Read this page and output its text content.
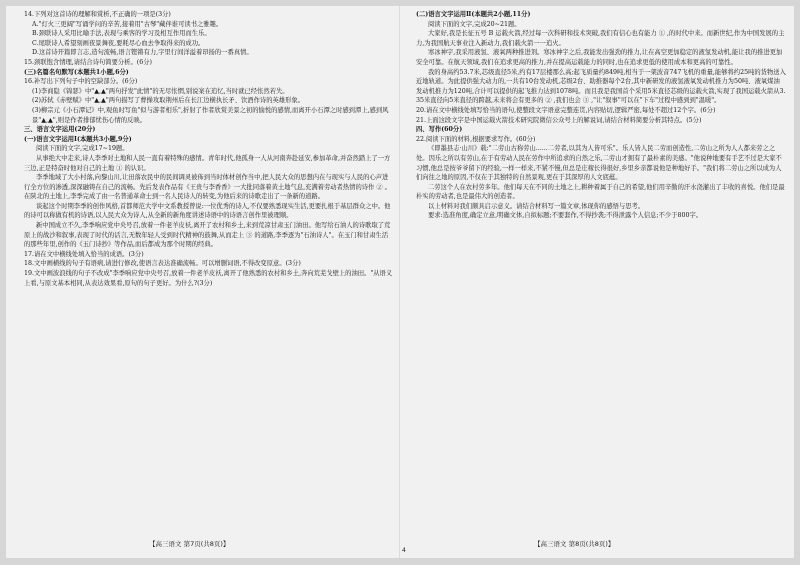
14.下列对这首诗的理解和赏析,不正确的一项是(3分)

A."灯火三更阔"写诵学问的辛苦,接着用"古琴"藏伴谁可读书之雅趣。

B.颈联诗人采用比喻手法,表现与乘客的学习及相互作用而生乐。

C.尾联诗人希望刻画夜景舞夜,要耗尽心血去争取得来的成功。

D.这首诗开篇即言志,造句流畅,语言铿锵有力,字里行间洋溢着昂扬的一番真情。

15.颈联饱含情理,请结合诗句简要分析。(6分)

(三)名篇名句默写(本题共1小题,6分)

16.补写出下列句子中的空缺部分。(6分)

(1)李商隐《锦瑟》中"▲,▲"两句抒发"此情"的无尽怅惘,别说案在追忆,当时就已经怅然若失。

(2)苏轼《赤壁赋》中"▲,▲"两句描写了曹操攻取荆州后在长江边横执长矛、饮酒作诗的英雄形象。

(3)柳宗元《小石潭记》中,观鱼时写鱼"似与游者相乐",折射了作者欣赏美景之初的愉悦的感情,而离开小石潭之时感到潭上,感到风景"▲,▲",则是作者排郁忧伤心情的反映。

三、语言文字运用(20分)

(一)语言文字运用Ⅰ(本题共3小题,9分)

阅读下面的文字,完成17~19题。

从事绝大中走来,诗人李季对土地和人民一直有着特殊的感情。青年时代,他孤身一人从河南奔赴延安,参加革命,并奋然踏上了一方三边,正是特奋时他对自己的土地 ① 的认识。

李季地域了大小村落,向黎山川,让田落农民中的民间调灵被佈到当时体材创作当中,把人民大众的思想内在与现实与人民的心声进行全方位的渗透,深深融铸在自己的流畅。先后发表作品有《王贵与李香香》一大批同落着黄土地气息,充满着劳动者热情的诗作 ② 。在陕北的土地上,李季完成了由一名普通革命士到一名人民诗人的转变,为他后来的诗歌走出了一条新的道路。

谈起这个时期李季的创作风格,首都师范大学中文系教授曾说:一位优秀的诗人,不仅要熟悉现实生活,更要扎根于基层群众之中。他的诗可以称做有机的诗语,以人民大众为诗人,从全新的新角度讲述诗语中的诗语言创作里被理顺。

新中国成立不久,李季响应党中央号召,放着一件老羊皮袄,离开了农村和乡土,来到荒凉甘肃玉门油田。他写给石油人的诗歌取了荒原上的战沙和叙事,表现了时代的话言,无数年轻人受到时代精神的鼓舞,从而走上 ③ 的道路,李季逐为"石油诗人"。在玉门和甘肃生活的那些年里,创作的《玉门诗抄》等作品,而后都成为那个时期的经典。

17.请在文中横线处填入恰当的成语。(3分)

18.文中画横线的句子有语病,请进行修改,使语言表达准确流畅。可以增删词语,不得改变原意。(3分)

19.文中画波浪线的句子不改成"李季响应党中央号召,放着一件老羊皮袄,离开了他熟悉的农村和乡土,奔向荒芜戈壁上的油田。"从语义上看,与原文基本相同,从表达效果看,原句的句子更好。为什么?(3分)

【高三语文 第7页(共8页)】

(二)语言文字运用Ⅱ(本题共2小题,11分)

阅读下面的文字,完成20~21题。

大家好,我是长征五号 B 运载火箭,经过每一次科研和技术突破,我们有信心也有能力 ① ,的时代中来。而新世纪,作为中国发展的主力,为我国航天事业注入新动力,我们载火箭一一追火。

寒冰神宇,我采用液氢、液氧两种推进剂。寒冰神宇之后,我能发出强劲的推力,让在高空更加稳定的液氢发动机,能让我的推进更加安全可靠。在航天领域,我们在追求更高的推力,并在提高运载能力的同时,也在追求更低的使用成本和更高的可靠性。

我的身高约53.7米,芯级直径5米,约有17层楼那么高;起飞质量约849吨,相当于一架波音747飞机的重量,能够将约25吨的货物送入近地轨道。为此提供强大动力的,一共有10台发动机,芯级2台、助推器每个2台,其中新研发的液氢液氧发动机推力为50吨、液氧煤油发动机推力为120吨,合计可以提供的起飞推力达到1078吨。而且我是我国首个采用5米直径芯级的运载火箭,实现了我国运载火箭从3.35米直径向5米直径的跨越,未来将会有更多的 ② ,我们也会 ③ ,"让"叙事"可以在"下车"过程中感到到"温暖"。

20.请在文中横线处填写恰当的语句,使整段文字语意完整连贯,内容贴切,逻辑严密,每处不超过12个字。(6分)

21.上面这段文字是中国运载火箭技术研究院微信公众号上的解说词,请结合材料简要分析其特点。(5分)

四、写作(60分)

22.阅读下面的材料,根据要求写作。(60分)

《即墨县志·山川》载:"二劳山古称劳山......二劳者,以其为人皆可乐"。乐人皆人民二劳而创造性,二劳山之所为人人都来劳之之处。因乐之所以有劳山,在于有劳动人民在劳作中所追求的自然之乐,二劳山才拥有了最朴素的美感。"他说种地要有手艺不过是大家不习惯,他总是按爷爷留下的经验,一样一样来,不紧不慢,但总是庄稼长得很好,乡里乡亲都说他是种地好手。"我们将二劳山之所以成为人们向往之地的原因,不仅在于其独特的自然景观,更在于其深厚的人文底蕴。

二劳这个人在农村劳多年。他们每天在不同的土地之上,耕种着属于自己的希望,他们用辛勤的汗水浇灌出了丰收的喜悦。他们是最朴实的劳动者,也是最伟大的创造者。

以上材料对我们颇具启示意义。请结合材料写一篇文章,体现你的感悟与思考。

要求:选准角度,确定立意,明确文体,自拟标题;不要套作,不得抄袭;不得泄露个人信息;不少于800字。

【高三语文 第8页(共8页)】
4
